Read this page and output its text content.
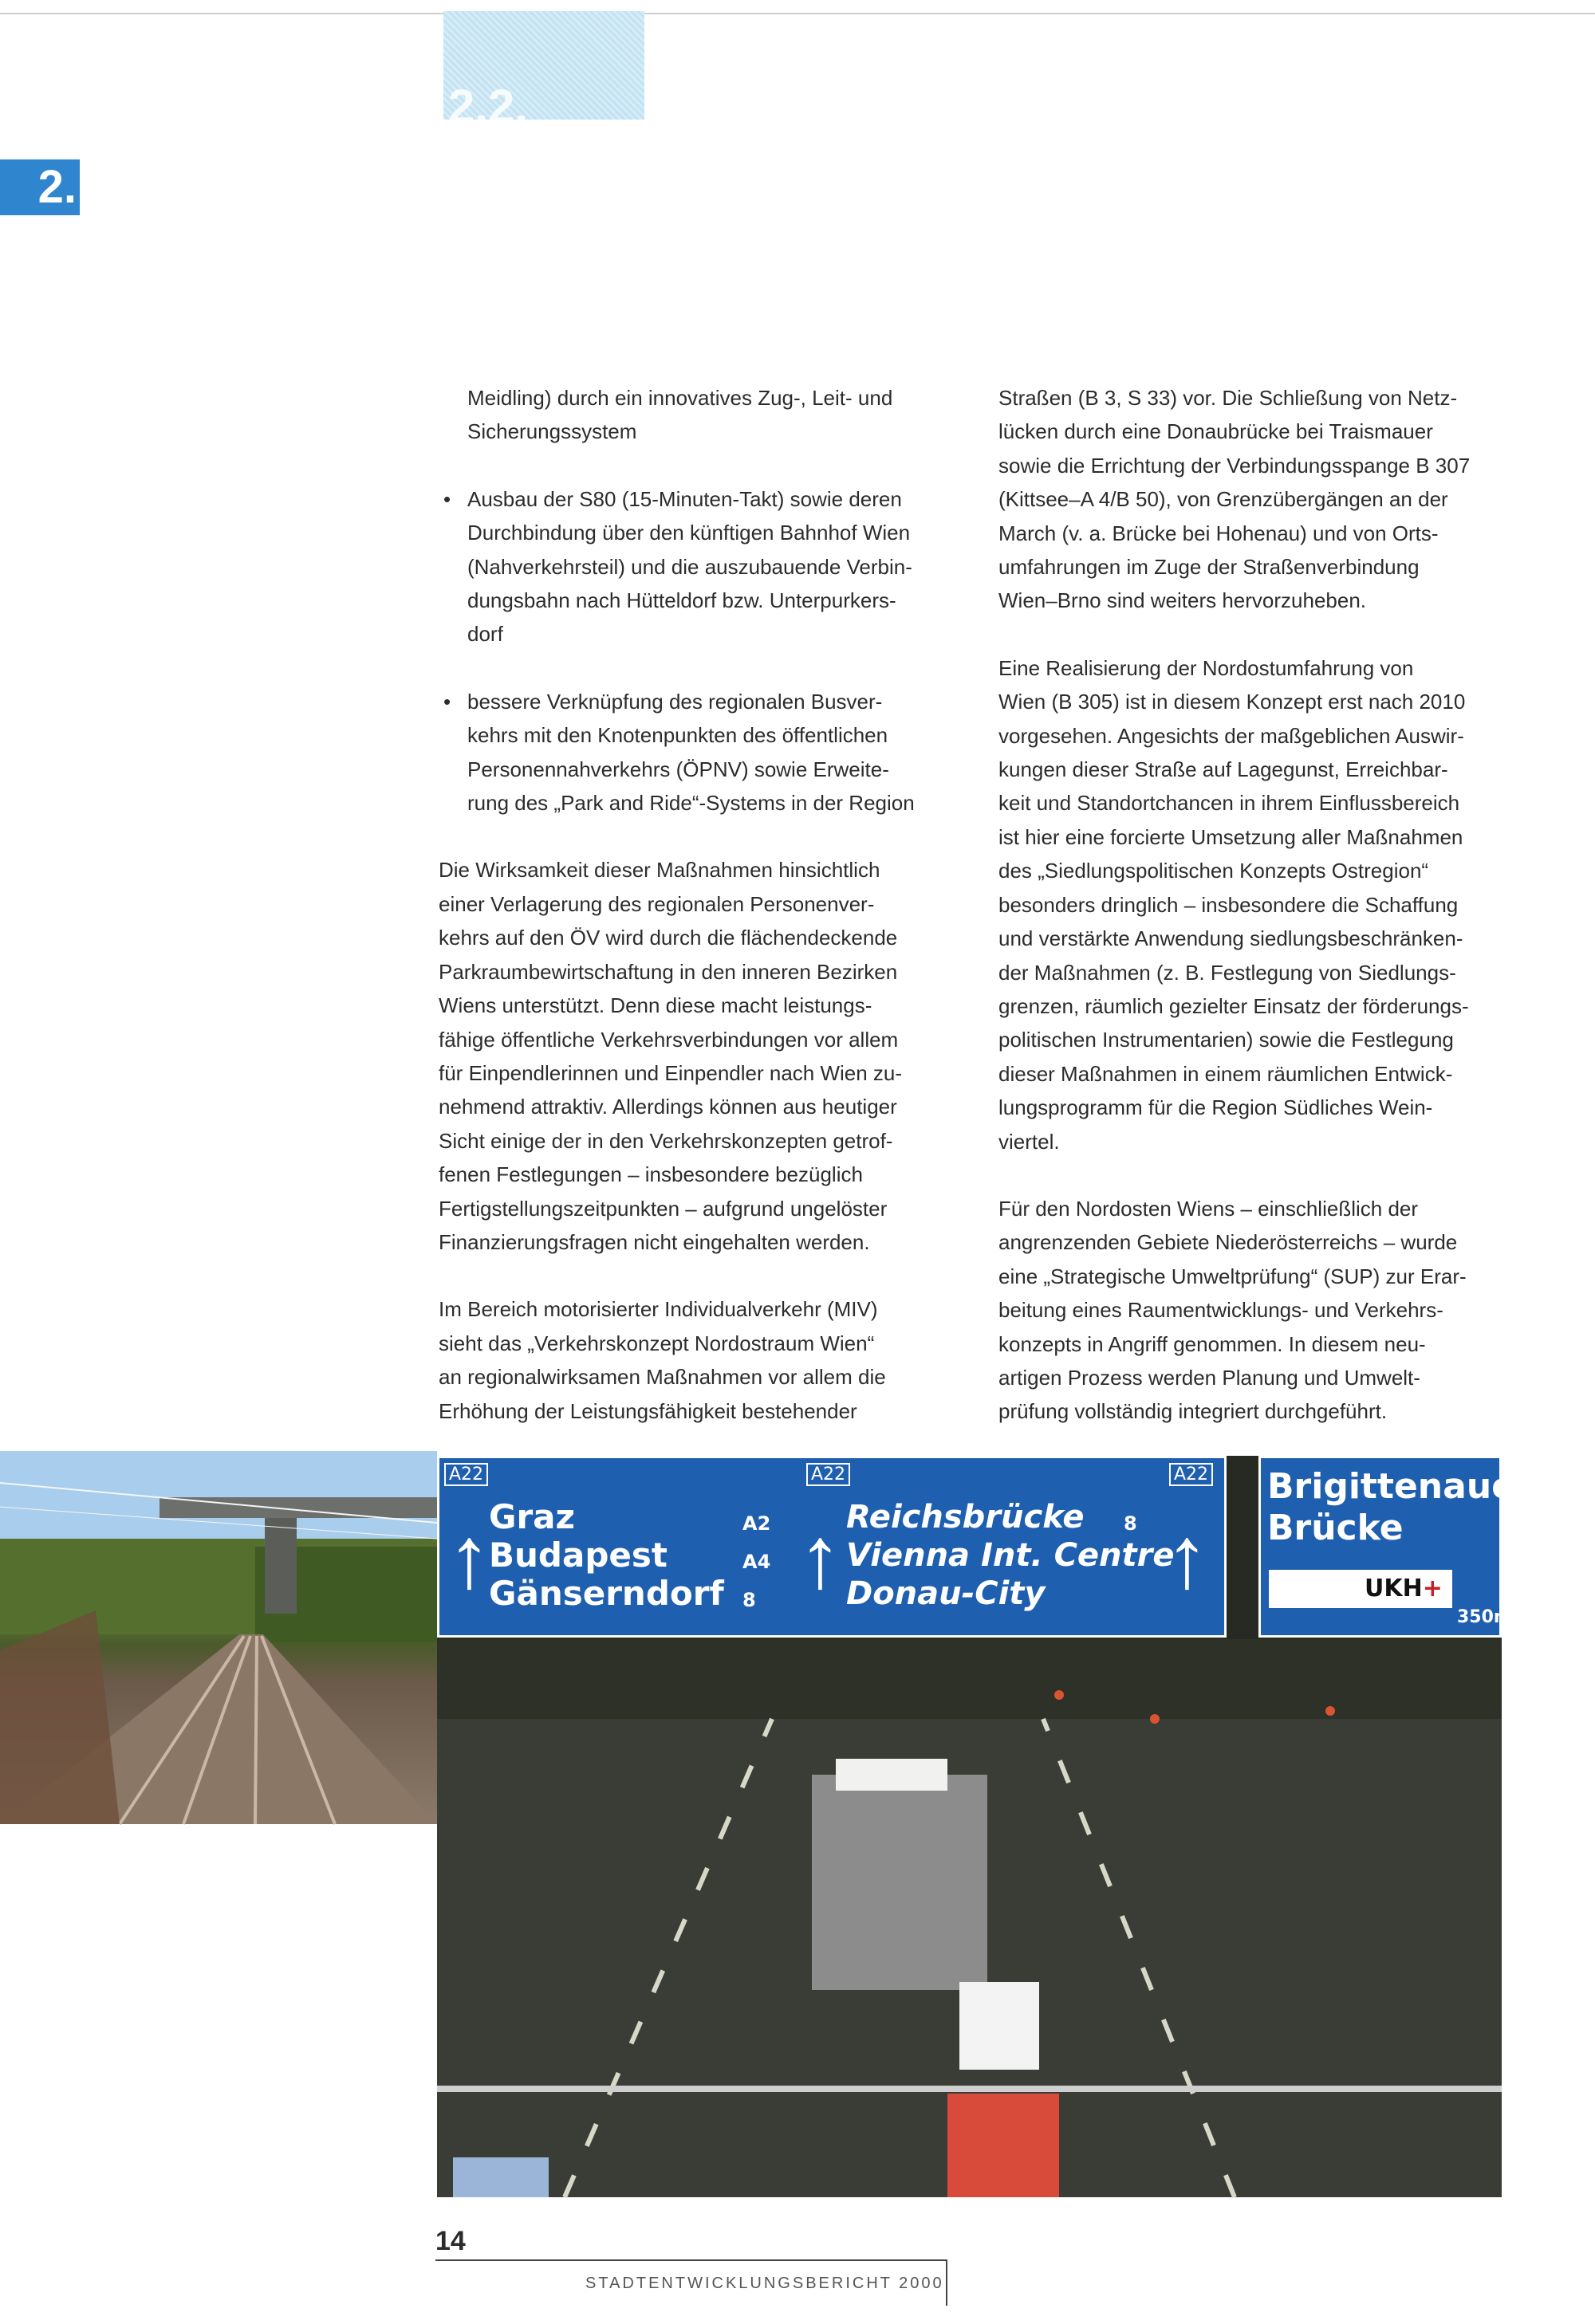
2.2.
2.

Meidling) durch ein innovatives Zug-, Leit- und

Sicherungssystem

• Ausbau der S80 (15-Minuten-Takt) sowie deren

Durchbindung über den künftigen Bahnhof Wien

(Nahverkehrsteil) und die auszubauende Verbin-

dungsbahn nach Hütteldorf bzw. Unterpurkers-

dorf

• bessere Verknüpfung des regionalen Busver-

kehrs mit den Knotenpunkten des öffentlichen

Personennahverkehrs (ÖPNV) sowie Erweite-

rung des „Park and Ride“-Systems in der Region

Die Wirksamkeit dieser Maßnahmen hinsichtlich

einer Verlagerung des regionalen Personenver-

kehrs auf den ÖV wird durch die flächendeckende

Parkraumbewirtschaftung in den inneren Bezirken

Wiens unterstützt. Denn diese macht leistungs-

fähige öffentliche Verkehrsverbindungen vor allem

für Einpendlerinnen und Einpendler nach Wien zu-

nehmend attraktiv. Allerdings können aus heutiger

Sicht einige der in den Verkehrskonzepten getrof-

fenen Festlegungen – insbesondere bezüglich

Fertigstellungszeitpunkten – aufgrund ungelöster

Finanzierungsfragen nicht eingehalten werden.

Im Bereich motorisierter Individualverkehr (MIV)

sieht das „Verkehrskonzept Nordostraum Wien“

an regionalwirksamen Maßnahmen vor allem die

Erhöhung der Leistungsfähigkeit bestehender

Straßen (B 3, S 33) vor. Die Schließung von Netz-

lücken durch eine Donaubrücke bei Traismauer

sowie die Errichtung der Verbindungsspange B 307

(Kittsee–A 4/B 50), von Grenzübergängen an der

March (v. a. Brücke bei Hohenau) und von Orts-

umfahrungen im Zuge der Straßenverbindung

Wien–Brno sind weiters hervorzuheben.

Eine Realisierung der Nordostumfahrung von

Wien (B 305) ist in diesem Konzept erst nach 2010

vorgesehen. Angesichts der maßgeblichen Auswir-

kungen dieser Straße auf Lagegunst, Erreichbar-

keit und Standortchancen in ihrem Einflussbereich

ist hier eine forcierte Umsetzung aller Maßnahmen

des „Siedlungspolitischen Konzepts Ostregion“

besonders dringlich – insbesondere die Schaffung

und verstärkte Anwendung siedlungsbeschränken-

der Maßnahmen (z. B. Festlegung von Siedlungs-

grenzen, räumlich gezielter Einsatz der förderungs-

politischen Instrumentarien) sowie die Festlegung

dieser Maßnahmen in einem räumlichen Entwick-

lungsprogramm für die Region Südliches Wein-

viertel.

Für den Nordosten Wiens – einschließlich der

angrenzenden Gebiete Niederösterreichs – wurde

eine „Strategische Umweltprüfung“ (SUP) zur Erar-

beitung eines Raumentwicklungs- und Verkehrs-

konzepts in Angriff genommen. In diesem neu-

artigen Prozess werden Planung und Umwelt-

prüfung vollständig integriert durchgeführt.

A22	A22	A22
↑
Graz
Budapest
Gänserndorf
A2
A4
8 ↑ Reichsbrücke
Vienna Int. Centre
Donau-City
8 ↑
Brigittenauer-
Brücke
UKH+
350m
14
STADTENTWICKLUNGSBERICHT 2000
